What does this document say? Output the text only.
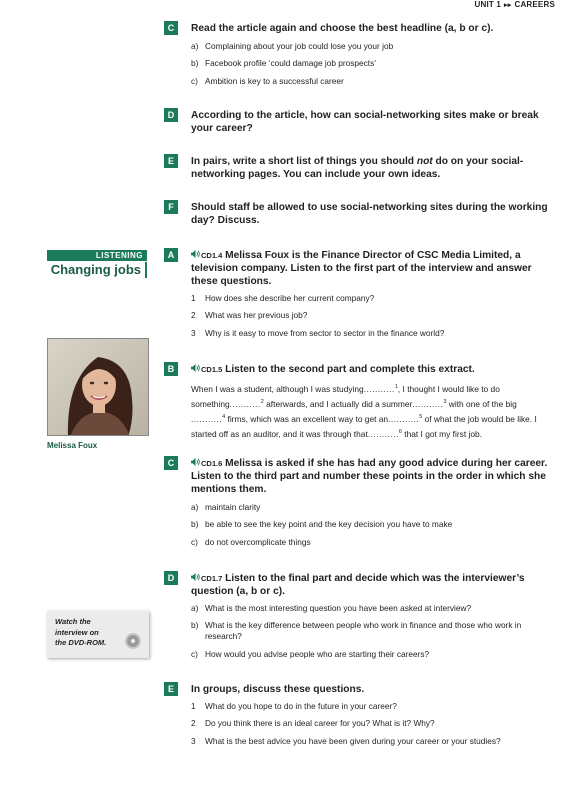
UNIT 1 ▸▸ CAREERS
C	Read the article again and choose the best headline (a, b or c).
a) Complaining about your job could lose you your job
b) Facebook profile ‘could damage job prospects’
c) Ambition is key to a successful career
D	According to the article, how can social-networking sites make or break your career?
E	In pairs, write a short list of things you should not do on your social-networking pages. You can include your own ideas.
F	Should staff be allowed to use social-networking sites during the working day? Discuss.
LISTENING
Changing jobs
A	CD1.4 Melissa Foux is the Finance Director of CSC Media Limited, a television company. Listen to the first part of the interview and answer these questions.
1	How does she describe her current company?
2	What was her previous job?
3	Why is it easy to move from sector to sector in the finance world?
Melissa Foux
B	CD1.5 Listen to the second part and complete this extract.
When I was a student, although I was studying...........$^1$, I thought I would like to do something...........$^2$ afterwards, and I actually did a summer...........$^3$ with one of the big ...........$^4$ firms, which was an excellent way to get an...........$^5$ of what the job would be like. I started off as an auditor, and it was through that...........$^6$ that I got my first job.
C	CD1.6 Melissa is asked if she has had any good advice during her career. Listen to the third part and number these points in the order in which she mentions them.
a) maintain clarity
b) be able to see the key point and the key decision you have to make
c) do not overcomplicate things
D	CD1.7 Listen to the final part and decide which was the interviewer’s question (a, b or c).
a) What is the most interesting question you have been asked at interview?
b) What is the key difference between people who work in finance and those who work in research?
c) How would you advise people who are starting their careers?
Watch the
interview on
the DVD-ROM.
E	In groups, discuss these questions.
1	What do you hope to do in the future in your career?
2	Do you think there is an ideal career for you? What is it? Why?
3	What is the best advice you have been given during your career or your studies?
